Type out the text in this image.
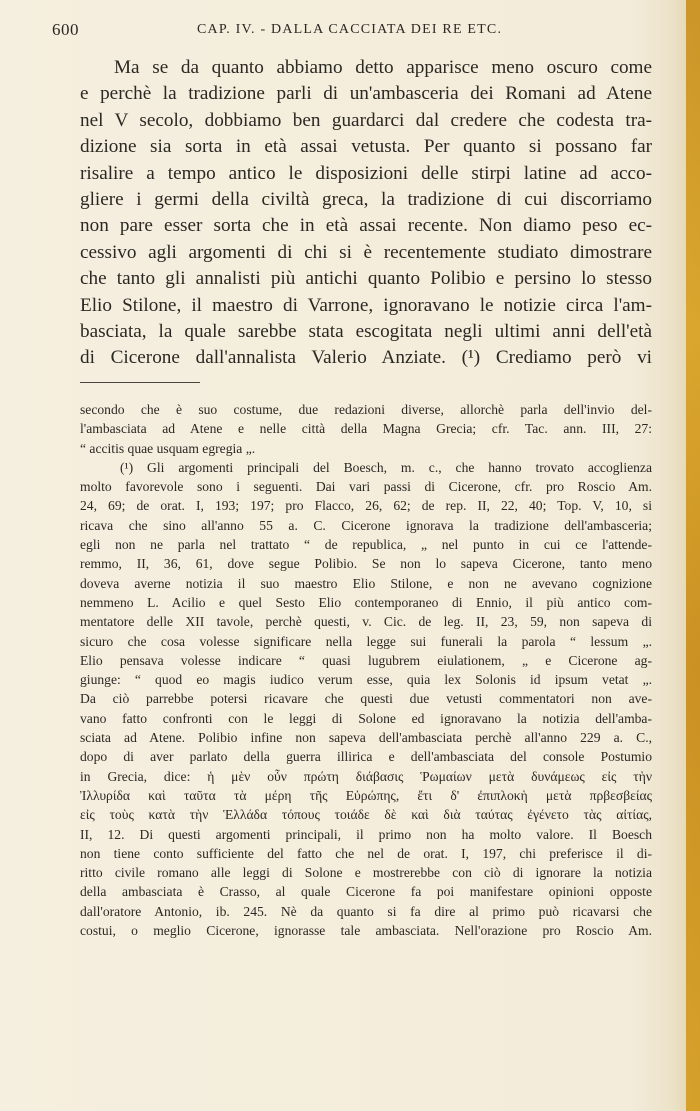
600	CAP. IV. - DALLA CACCIATA DEI RE ETC.
Ma se da quanto abbiamo detto apparisce meno oscuro come
e perchè la tradizione parli di un'ambasceria dei Romani ad Atene
nel V secolo, dobbiamo ben guardarci dal credere che codesta tra-
dizione sia sorta in età assai vetusta. Per quanto si possano far
risalire a tempo antico le disposizioni delle stirpi latine ad acco-
gliere i germi della civiltà greca, la tradizione di cui discorriamo
non pare esser sorta che in età assai recente. Non diamo peso ec-
cessivo agli argomenti di chi si è recentemente studiato dimostrare
che tanto gli annalisti più antichi quanto Polibio e persino lo stesso
Elio Stilone, il maestro di Varrone, ignoravano le notizie circa l'am-
basciata, la quale sarebbe stata escogitata negli ultimi anni dell'età
di Cicerone dall'annalista Valerio Anziate. (¹) Crediamo però vi
secondo che è suo costume, due redazioni diverse, allorchè parla dell'invio del-
l'ambasciata ad Atene e nelle città della Magna Grecia; cfr. Tac. ann. III, 27:
“ accitis quae usquam egregia „.
(¹) Gli argomenti principali del Boesch, m. c., che hanno trovato accoglienza
molto favorevole sono i seguenti. Dai vari passi di Cicerone, cfr. pro Roscio Am.
24, 69; de orat. I, 193; 197; pro Flacco, 26, 62; de rep. II, 22, 40; Top. V, 10, si
ricava che sino all'anno 55 a. C. Cicerone ignorava la tradizione dell'ambasceria;
egli non ne parla nel trattato “ de republica, „ nel punto in cui ce l'attende-
remmo, II, 36, 61, dove segue Polibio. Se non lo sapeva Cicerone, tanto meno
doveva averne notizia il suo maestro Elio Stilone, e non ne avevano cognizione
nemmeno L. Acilio e quel Sesto Elio contemporaneo di Ennio, il più antico com-
mentatore delle XII tavole, perchè questi, v. Cic. de leg. II, 23, 59, non sapeva di
sicuro che cosa volesse significare nella legge sui funerali la parola “ lessum „.
Elio pensava volesse indicare “ quasi lugubrem eiulationem, „ e Cicerone ag-
giunge: “ quod eo magis iudico verum esse, quia lex Solonis id ipsum vetat „.
Da ciò parrebbe potersi ricavare che questi due vetusti commentatori non ave-
vano fatto confronti con le leggi di Solone ed ignoravano la notizia dell'amba-
sciata ad Atene. Polibio infine non sapeva dell'ambasciata perchè all'anno 229 a. C.,
dopo di aver parlato della guerra illirica e dell'ambasciata del console Postumio
in Grecia, dice: ἡ μὲν οὖν πρώτη διάβασις Ῥωμαίων μετὰ δυνάμεως εἰς τὴν
Ἰλλυρίδα καὶ ταῦτα τὰ μέρη τῆς Εὐρώπης, ἔτι δ' ἐπιπλοκὴ μετὰ πρβεσβείας
εἰς τοὺς κατὰ τὴν Ἑλλάδα τόπους τοιάδε δὲ καὶ διὰ ταύτας ἐγένετο τὰς αἰτίας,
II, 12. Di questi argomenti principali, il primo non ha molto valore. Il Boesch
non tiene conto sufficiente del fatto che nel de orat. I, 197, chi preferisce il di-
ritto civile romano alle leggi di Solone e mostrerebbe con ciò di ignorare la notizia
della ambasciata è Crasso, al quale Cicerone fa poi manifestare opinioni opposte
dall'oratore Antonio, ib. 245. Nè da quanto si fa dire al primo può ricavarsi che
costui, o meglio Cicerone, ignorasse tale ambasciata. Nell'orazione pro Roscio Am.
